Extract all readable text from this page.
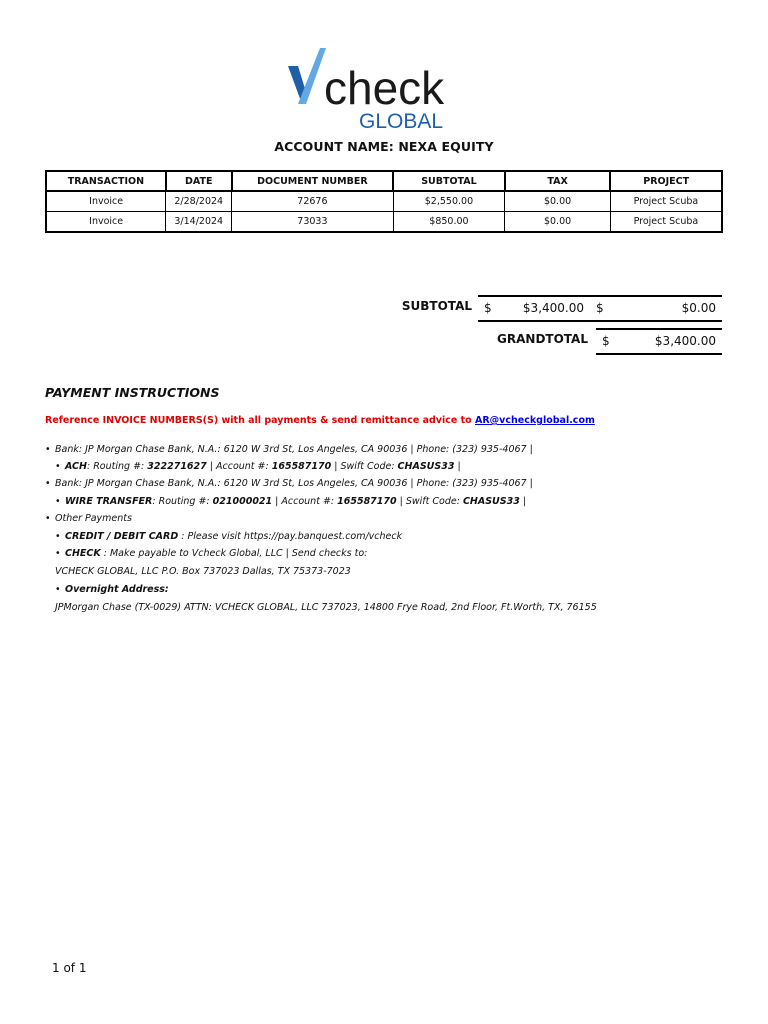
check
GLOBAL
ACCOUNT NAME: NEXA EQUITY
TRANSACTION	DATE	DOCUMENT NUMBER	SUBTOTAL	TAX	PROJECT
Invoice	2/28/2024	72676	$2,550.00	$0.00	Project Scuba
Invoice	3/14/2024	73033	$850.00	$0.00	Project Scuba
SUBTOTAL $	$3,400.00 $	$0.00
GRANDTOTAL $	$3,400.00
PAYMENT INSTRUCTIONS
Reference INVOICE NUMBERS(S) with all payments & send remittance advice to AR@vcheckglobal.com
• Bank: JP Morgan Chase Bank, N.A.: 6120 W 3rd St, Los Angeles, CA 90036 | Phone: (323) 935-4067 |
• ACH: Routing #: 322271627 | Account #: 165587170 | Swift Code: CHASUS33 |
• Bank: JP Morgan Chase Bank, N.A.: 6120 W 3rd St, Los Angeles, CA 90036 | Phone: (323) 935-4067 |
• WIRE TRANSFER: Routing #: 021000021 | Account #: 165587170 | Swift Code: CHASUS33 |
• Other Payments
• CREDIT / DEBIT CARD : Please visit https://pay.banquest.com/vcheck
• CHECK : Make payable to Vcheck Global, LLC | Send checks to:
VCHECK GLOBAL, LLC P.O. Box 737023 Dallas, TX 75373-7023
• Overnight Address:
JPMorgan Chase (TX-0029) ATTN: VCHECK GLOBAL, LLC 737023, 14800 Frye Road, 2nd Floor, Ft.Worth, TX, 76155
1 of 1
